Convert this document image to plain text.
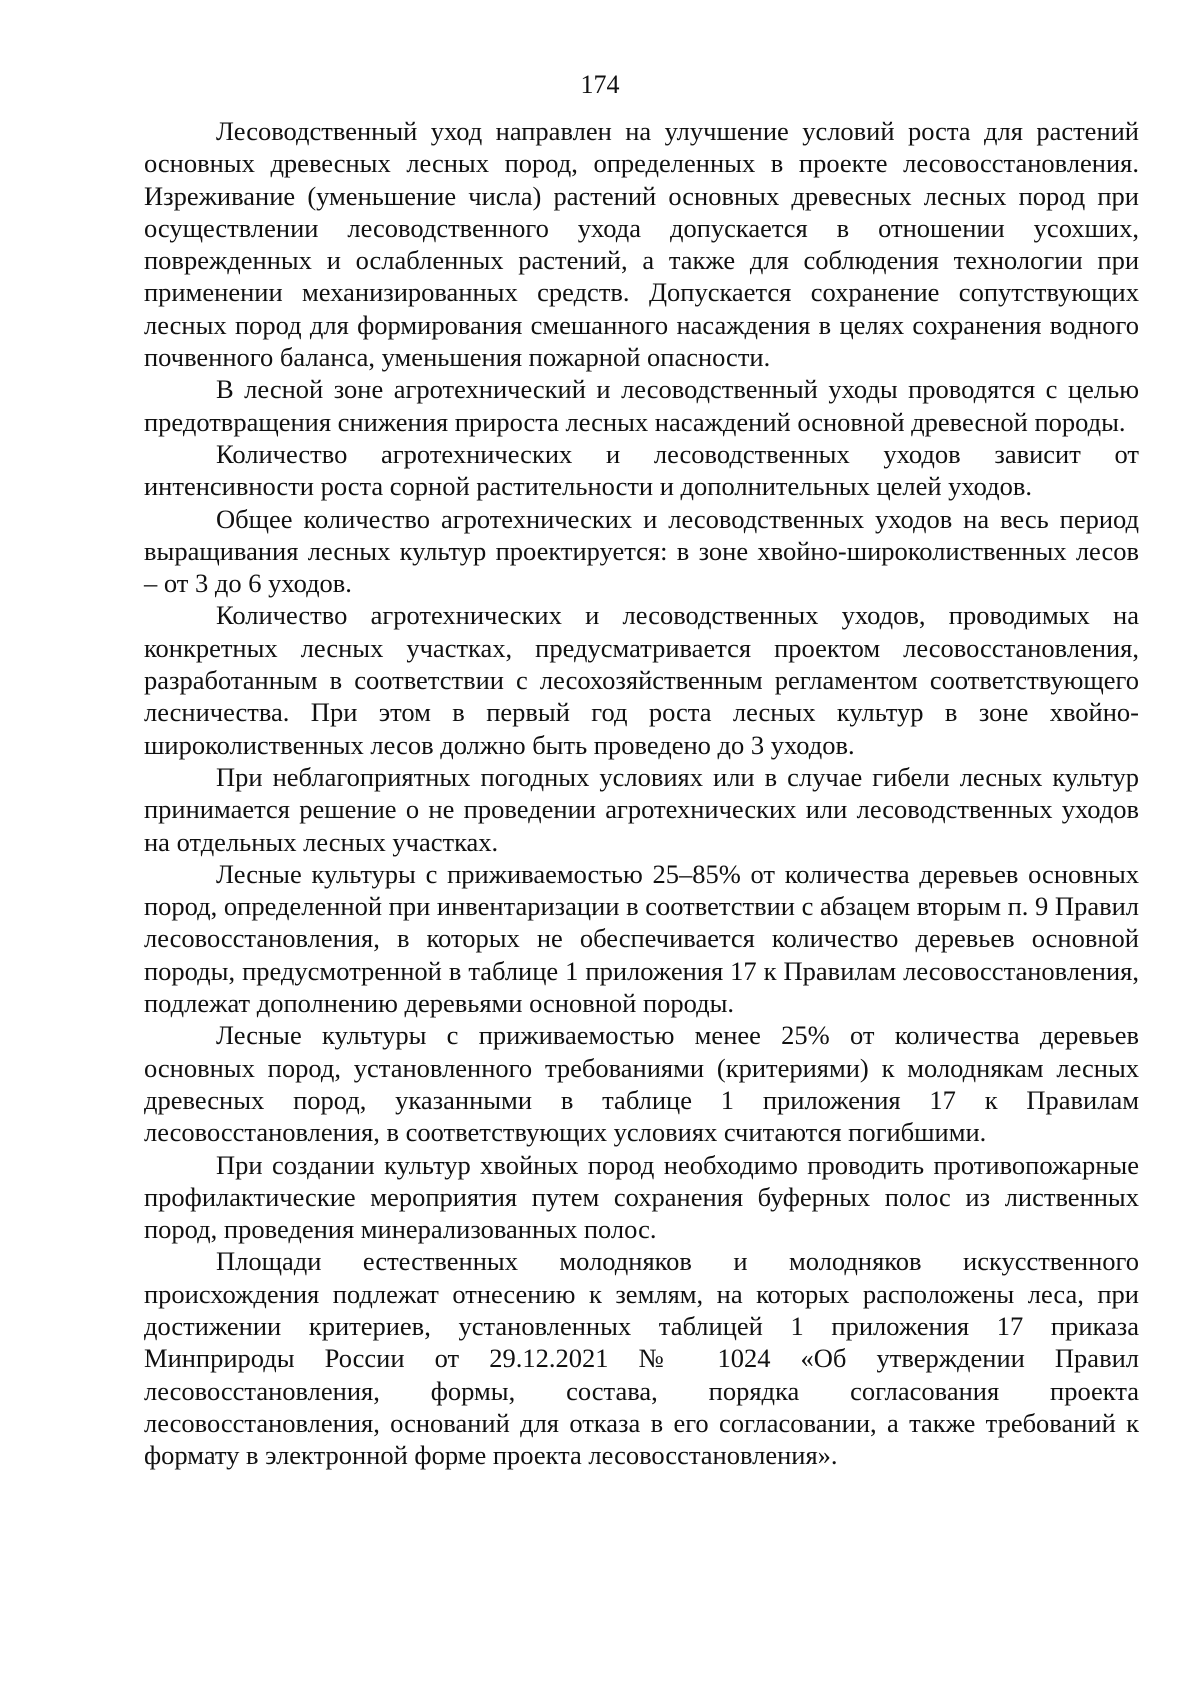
174

Лесоводственный уход направлен на улучшение условий роста для растений основных древесных лесных пород, определенных в проекте лесовосстановления. Изреживание (уменьшение числа) растений основных древесных лесных пород при осуществлении лесоводственного ухода допускается в отношении усохших, поврежденных и ослабленных растений, а также для соблюдения технологии при применении механизированных средств. Допускается сохранение сопутствующих лесных пород для формирования смешанного насаждения в целях сохранения водного почвенного баланса, уменьшения пожарной опасности.

В лесной зоне агротехнический и лесоводственный уходы проводятся с целью предотвращения снижения прироста лесных насаждений основной древесной породы.

Количество агротехнических и лесоводственных уходов зависит от интенсивности роста сорной растительности и дополнительных целей уходов.

Общее количество агротехнических и лесоводственных уходов на весь период выращивания лесных культур проектируется: в зоне хвойно-широколиственных лесов – от 3 до 6 уходов.

Количество агротехнических и лесоводственных уходов, проводимых на конкретных лесных участках, предусматривается проектом лесовосстановления, разработанным в соответствии с лесохозяйственным регламентом соответствующего лесничества. При этом в первый год роста лесных культур в зоне хвойно-широколиственных лесов должно быть проведено до 3 уходов.

При неблагоприятных погодных условиях или в случае гибели лесных культур принимается решение о не проведении агротехнических или лесоводственных уходов на отдельных лесных участках.

Лесные культуры с приживаемостью 25–85% от количества деревьев основных пород, определенной при инвентаризации в соответствии с абзацем вторым п. 9 Правил лесовосстановления, в которых не обеспечивается количество деревьев основной породы, предусмотренной в таблице 1 приложения 17 к Правилам лесовосстановления, подлежат дополнению деревьями основной породы.

Лесные культуры с приживаемостью менее 25% от количества деревьев основных пород, установленного требованиями (критериями) к молоднякам лесных древесных пород, указанными в таблице 1 приложения 17 к Правилам лесовосстановления, в соответствующих условиях считаются погибшими.

При создании культур хвойных пород необходимо проводить противопожарные профилактические мероприятия путем сохранения буферных полос из лиственных пород, проведения минерализованных полос.

Площади естественных молодняков и молодняков искусственного происхождения подлежат отнесению к землям, на которых расположены леса, при достижении критериев, установленных таблицей 1 приложения 17 приказа Минприроды России от 29.12.2021 № 1024 «Об утверждении Правил лесовосстановления, формы, состава, порядка согласования проекта лесовосстановления, оснований для отказа в его согласовании, а также требований к формату в электронной форме проекта лесовосстановления».
